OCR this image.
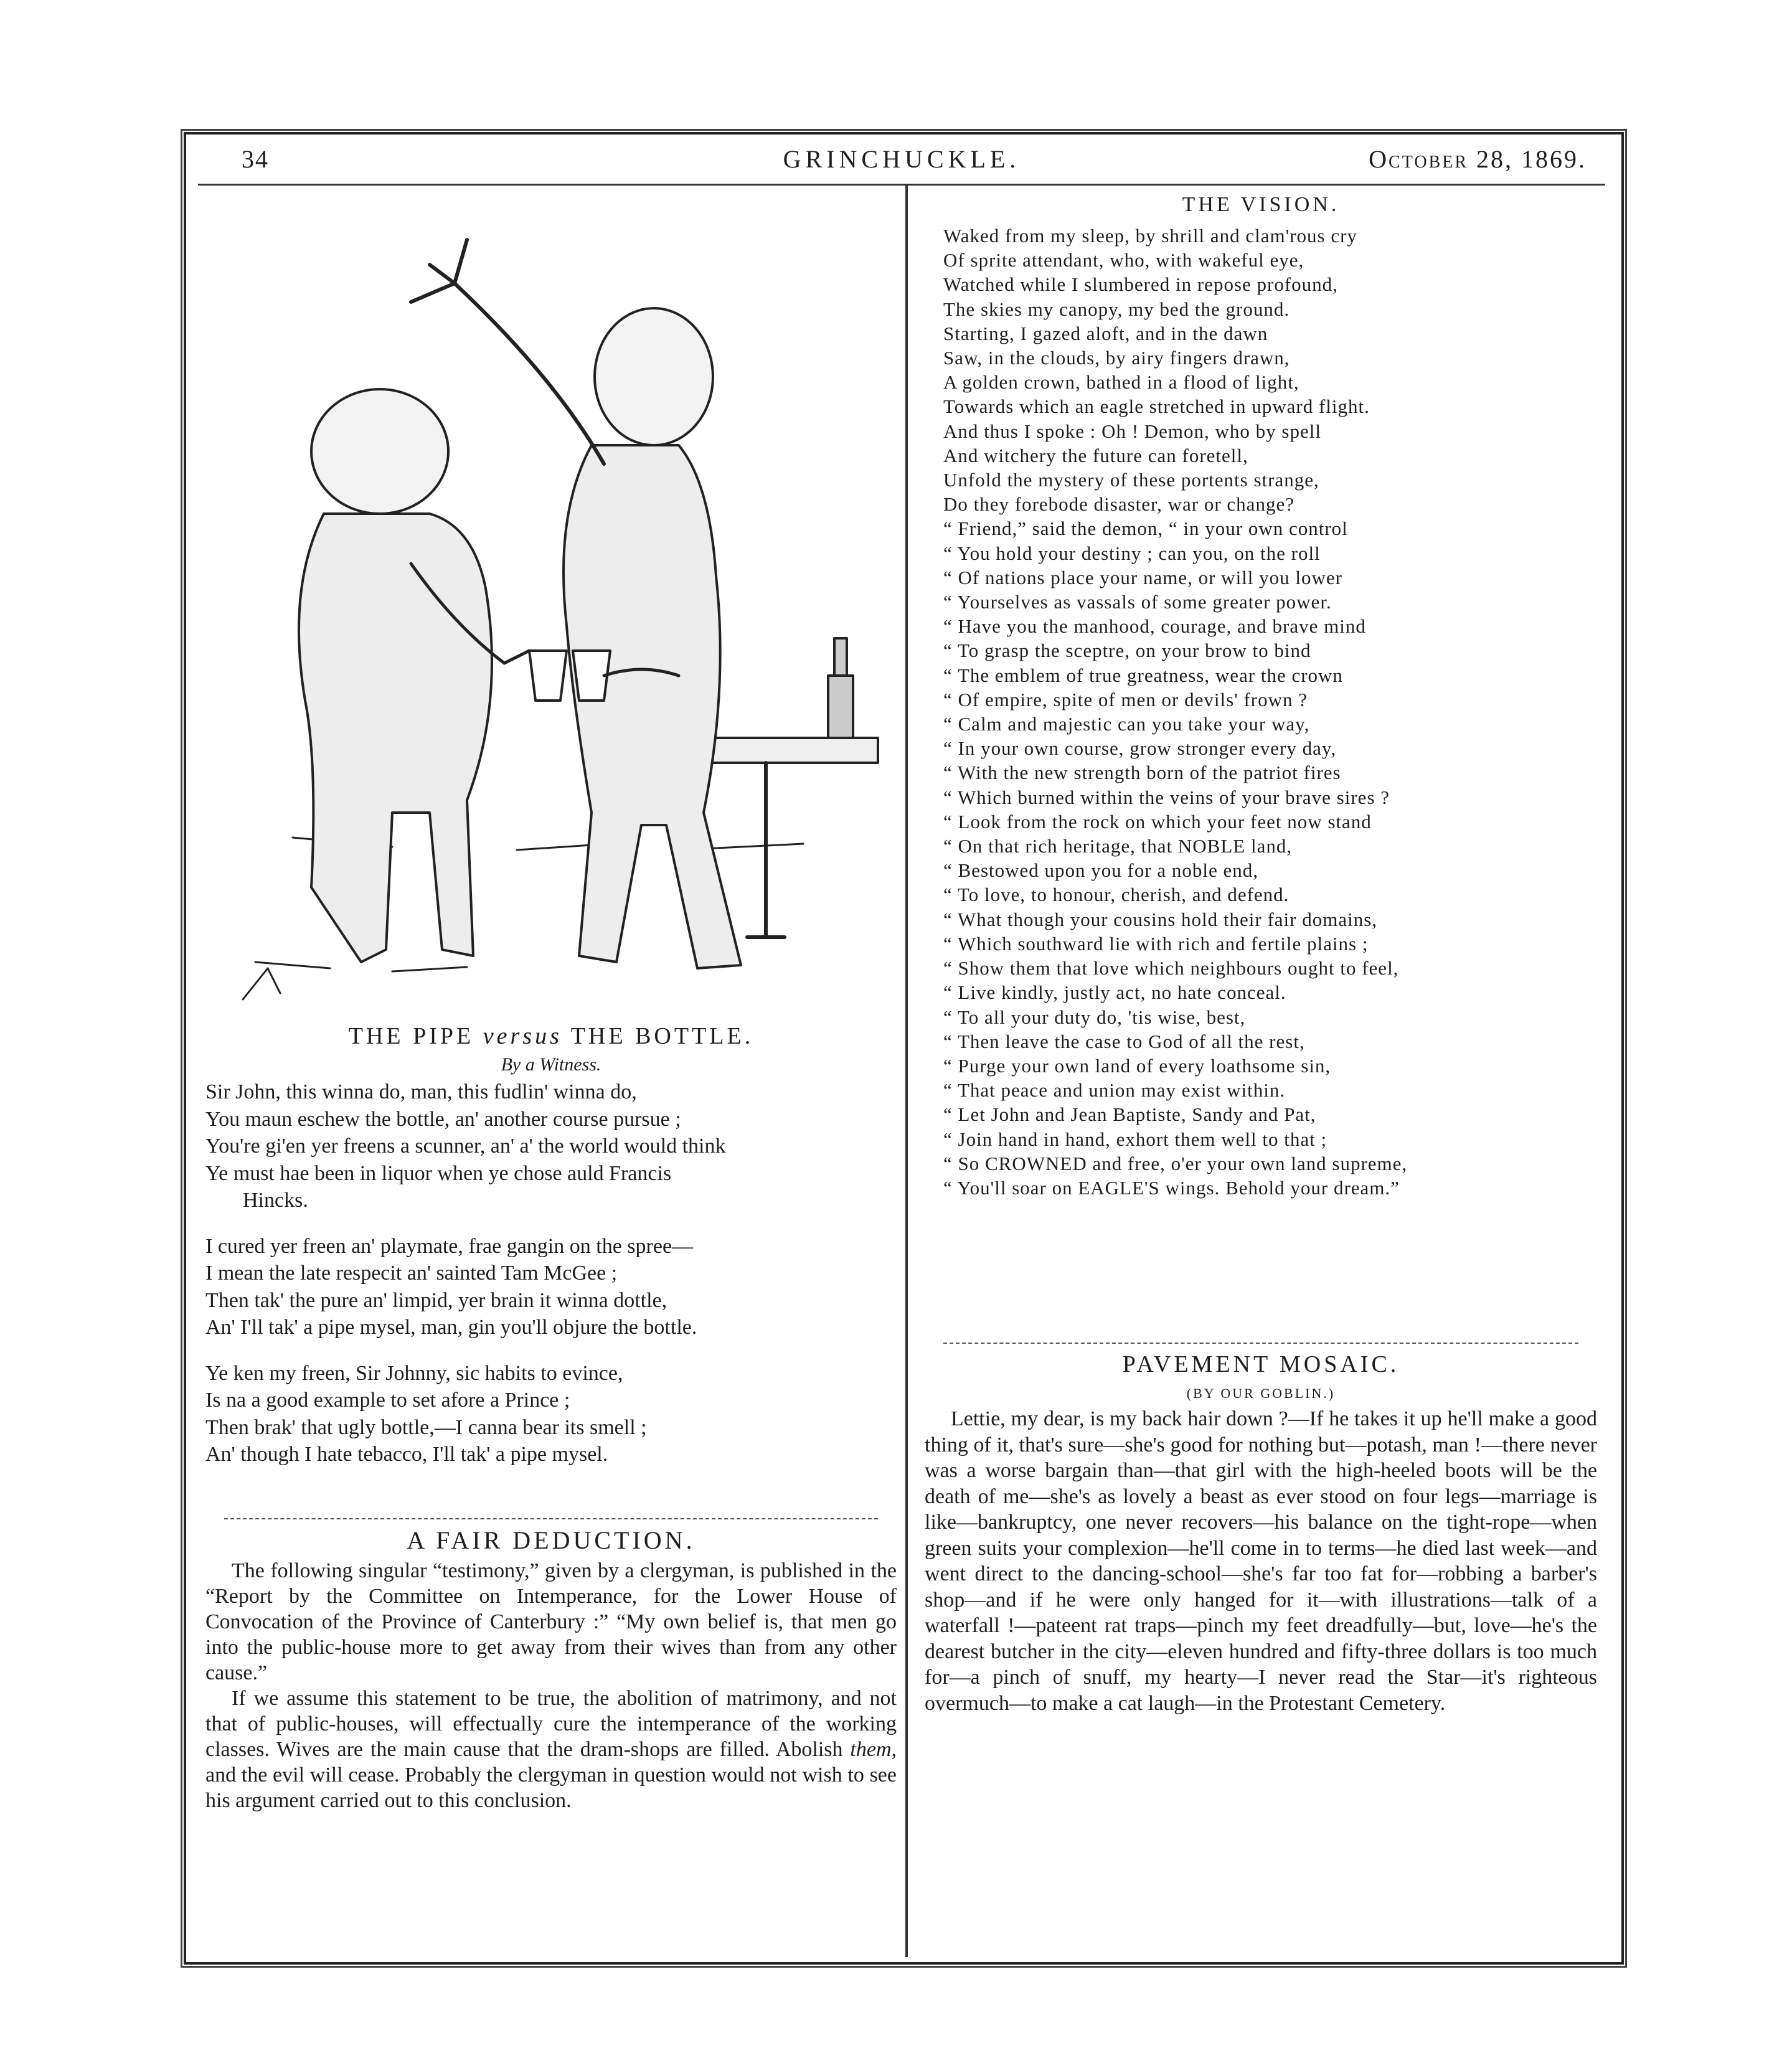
34	GRINCHUCKLE.	October 28, 1869.
THE PIPE versus THE BOTTLE.
By a Witness.
Sir John, this winna do, man, this fudlin' winna do,
You maun eschew the bottle, an' another course pursue ;
You're gi'en yer freens a scunner, an' a' the world would think
Ye must hae been in liquor when ye chose auld Francis
Hincks.
I cured yer freen an' playmate, frae gangin on the spree—
I mean the late respecit an' sainted Tam McGee ;
Then tak' the pure an' limpid, yer brain it winna dottle,
An' I'll tak' a pipe mysel, man, gin you'll objure the bottle.
Ye ken my freen, Sir Johnny, sic habits to evince,
Is na a good example to set afore a Prince ;
Then brak' that ugly bottle,—I canna bear its smell ;
An' though I hate tebacco, I'll tak' a pipe mysel.
A FAIR DEDUCTION.

The following singular “testimony,” given by a clergyman, is published in the “Report by the Committee on Intemperance, for the Lower House of Convocation of the Province of Canterbury :” “My own belief is, that men go into the public-house more to get away from their wives than from any other cause.”

If we assume this statement to be true, the abolition of matrimony, and not that of public-houses, will effectually cure the intemperance of the working classes. Wives are the main cause that the dram-shops are filled. Abolish them, and the evil will cease. Probably the clergyman in question would not wish to see his argument carried out to this conclusion.

THE VISION.
Waked from my sleep, by shrill and clam'rous cry
Of sprite attendant, who, with wakeful eye,
Watched while I slumbered in repose profound,
The skies my canopy, my bed the ground.
Starting, I gazed aloft, and in the dawn
Saw, in the clouds, by airy fingers drawn,
A golden crown, bathed in a flood of light,
Towards which an eagle stretched in upward flight.
And thus I spoke : Oh ! Demon, who by spell
And witchery the future can foretell,
Unfold the mystery of these portents strange,
Do they forebode disaster, war or change?
“ Friend,” said the demon, “ in your own control
“ You hold your destiny ; can you, on the roll
“ Of nations place your name, or will you lower
“ Yourselves as vassals of some greater power.
“ Have you the manhood, courage, and brave mind
“ To grasp the sceptre, on your brow to bind
“ The emblem of true greatness, wear the crown
“ Of empire, spite of men or devils' frown ?
“ Calm and majestic can you take your way,
“ In your own course, grow stronger every day,
“ With the new strength born of the patriot fires
“ Which burned within the veins of your brave sires ?
“ Look from the rock on which your feet now stand
“ On that rich heritage, that NOBLE land,
“ Bestowed upon you for a noble end,
“ To love, to honour, cherish, and defend.
“ What though your cousins hold their fair domains,
“ Which southward lie with rich and fertile plains ;
“ Show them that love which neighbours ought to feel,
“ Live kindly, justly act, no hate conceal.
“ To all your duty do, 'tis wise, best,
“ Then leave the case to God of all the rest,
“ Purge your own land of every loathsome sin,
“ That peace and union may exist within.
“ Let John and Jean Baptiste, Sandy and Pat,
“ Join hand in hand, exhort them well to that ;
“ So CROWNED and free, o'er your own land supreme,
“ You'll soar on EAGLE'S wings. Behold your dream.”
PAVEMENT MOSAIC.
(BY OUR GOBLIN.)

Lettie, my dear, is my back hair down ?—If he takes it up he'll make a good thing of it, that's sure—she's good for nothing but—potash, man !—there never was a worse bargain than—that girl with the high-heeled boots will be the death of me—she's as lovely a beast as ever stood on four legs—marriage is like—bankruptcy, one never recovers—his balance on the tight-rope—when green suits your complexion—he'll come in to terms—he died last week—and went direct to the dancing-school—she's far too fat for—robbing a barber's shop—and if he were only hanged for it—with illustrations—talk of a waterfall !—pateent rat traps—pinch my feet dreadfully—but, love—he's the dearest butcher in the city—eleven hundred and fifty-three dollars is too much for—a pinch of snuff, my hearty—I never read the Star—it's righteous overmuch—to make a cat laugh—in the Protestant Cemetery.
